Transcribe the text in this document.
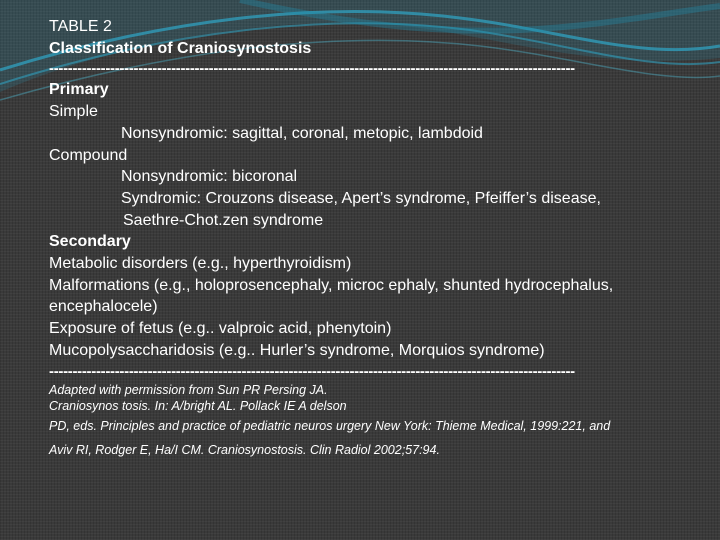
TABLE 2
Classification of Craniosynostosis
----------------------------------------------------------------------------------------------------------------
Primary
Simple
Nonsyndromic: sagittal, coronal, metopic, lambdoid
Compound
Nonsyndromic: bicoronal
Syndromic: Crouzons disease, Apert’s syndrome, Pfeiffer’s disease,
Saethre-Chot.zen syndrome
Secondary
Metabolic disorders (e.g., hyperthyroidism)
Malformations (e.g., holoprosencephaly, microc ephaly, shunted hydrocephalus, encephalocele)
Exposure of fetus (e.g.. valproic acid, phenytoin)
Mucopolysaccharidosis (e.g.. Hurler’s syndrome, Morquios syndrome)
----------------------------------------------------------------------------------------------------------------
Adapted with permission from Sun PR Persing JA.
Craniosynos tosis. In: A/bright AL. Pollack IE A delson
PD, eds. Principles and practice of pediatric neuros urgery New York: Thieme Medical, 1999:221, and
Aviv RI, Rodger E, Ha/I CM. Craniosynostosis. Clin Radiol 2002;57:94.
